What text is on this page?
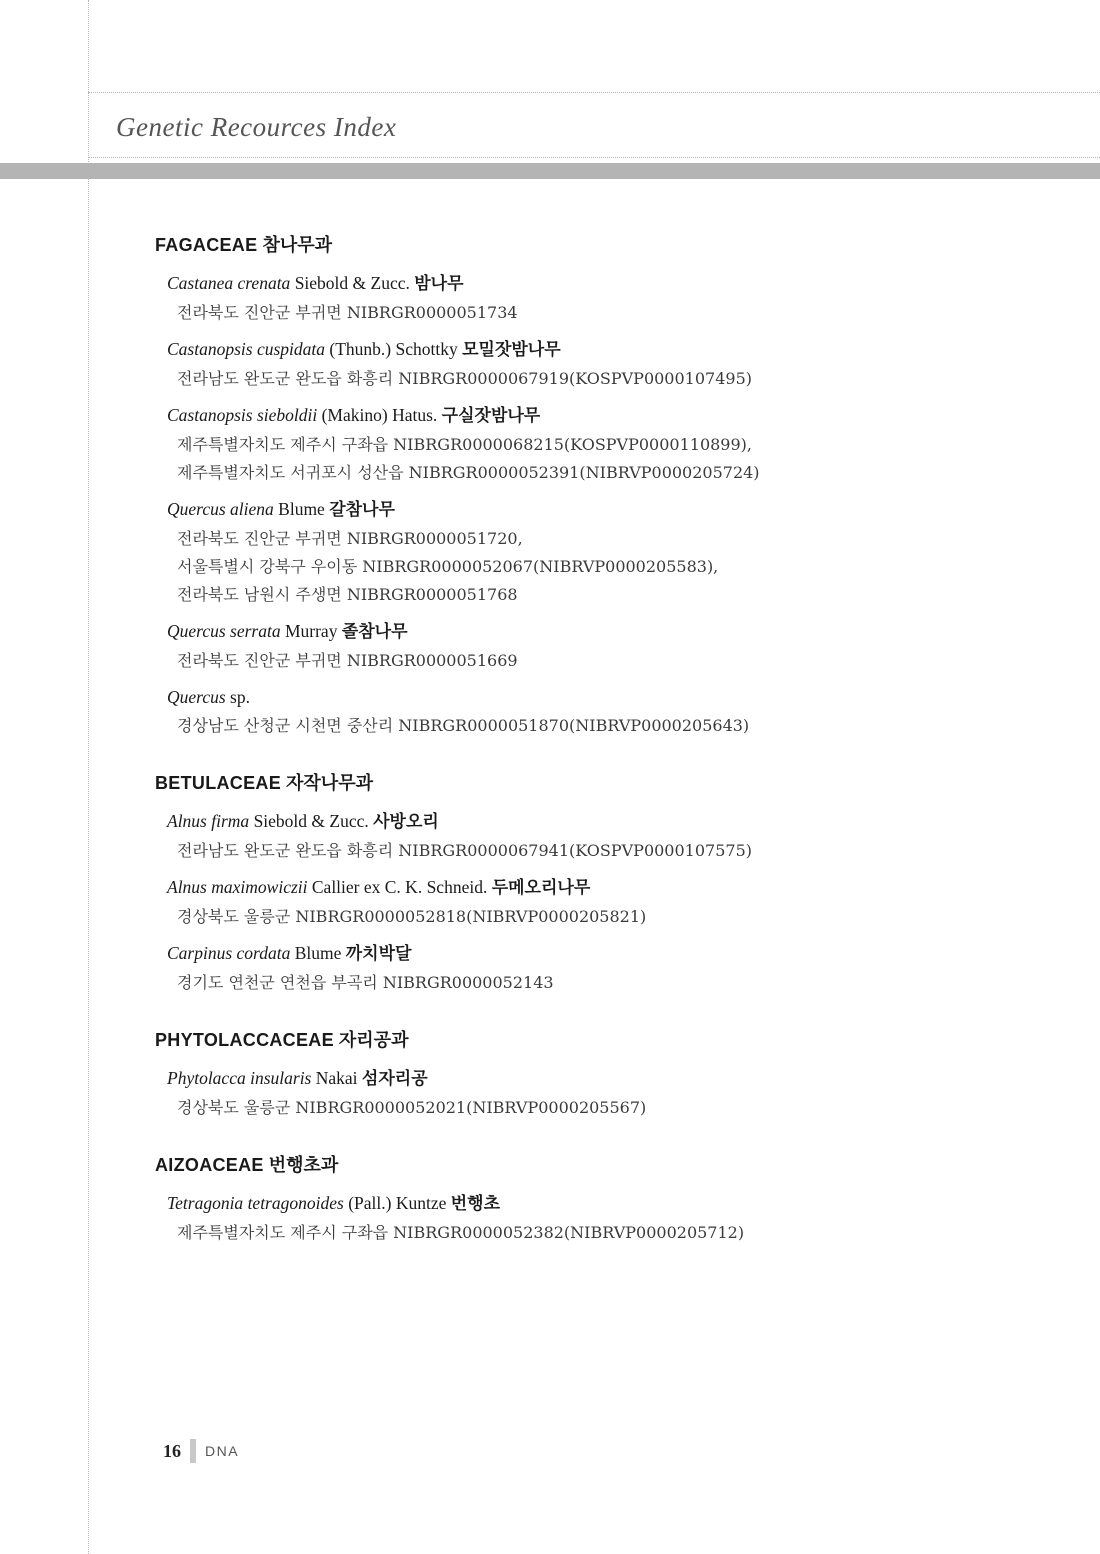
Genetic Recources Index
FAGACEAE 참나무과
Castanea crenata Siebold & Zucc. 밤나무
전라북도 진안군 부귀면 NIBRGR0000051734
Castanopsis cuspidata (Thunb.) Schottky 모밀잣밤나무
전라남도 완도군 완도읍 화흥리 NIBRGR0000067919(KOSPVP0000107495)
Castanopsis sieboldii (Makino) Hatus. 구실잣밤나무
제주특별자치도 제주시 구좌읍 NIBRGR0000068215(KOSPVP0000110899),
제주특별자치도 서귀포시 성산읍 NIBRGR0000052391(NIBRVP0000205724)
Quercus aliena Blume 갈참나무
전라북도 진안군 부귀면 NIBRGR0000051720,
서울특별시 강북구 우이동 NIBRGR0000052067(NIBRVP0000205583),
전라북도 남원시 주생면 NIBRGR0000051768
Quercus serrata Murray 졸참나무
전라북도 진안군 부귀면 NIBRGR0000051669
Quercus sp.
경상남도 산청군 시천면 중산리 NIBRGR0000051870(NIBRVP0000205643)
BETULACEAE 자작나무과
Alnus firma Siebold & Zucc. 사방오리
전라남도 완도군 완도읍 화흥리 NIBRGR0000067941(KOSPVP0000107575)
Alnus maximowiczii Callier ex C. K. Schneid. 두메오리나무
경상북도 울릉군 NIBRGR0000052818(NIBRVP0000205821)
Carpinus cordata Blume 까치박달
경기도 연천군 연천읍 부곡리 NIBRGR0000052143
PHYTOLACCACEAE 자리공과
Phytolacca insularis Nakai 섬자리공
경상북도 울릉군 NIBRGR0000052021(NIBRVP0000205567)
AIZOACEAE 번행초과
Tetragonia tetragonoides (Pall.) Kuntze 번행초
제주특별자치도 제주시 구좌읍 NIBRGR0000052382(NIBRVP0000205712)
16 DNA
